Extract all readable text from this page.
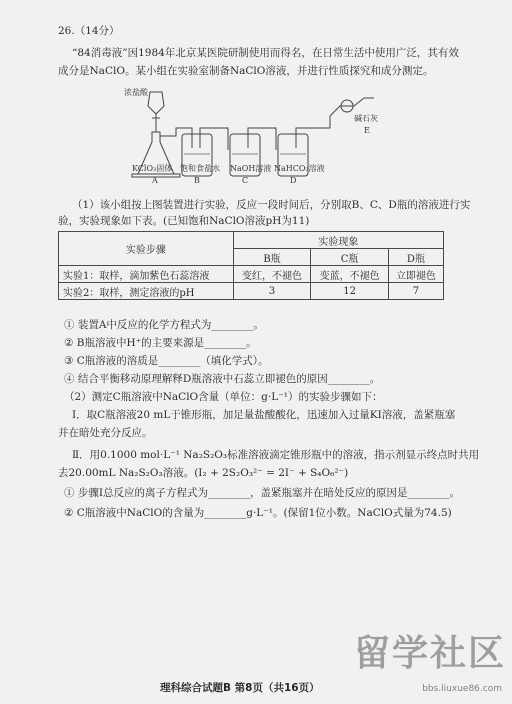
26.（14分）
“84消毒液”因1984年北京某医院研制使用而得名，在日常生活中使用广泛，其有效
成分是NaClO。某小组在实验室制备NaClO溶液，并进行性质探究和成分测定。
浓盐酸
KClO₃固体
A
饱和食盐水
B
NaOH溶液
C
NaHCO₃溶液
D
碱石灰
E
（1）该小组按上图装置进行实验，反应一段时间后，分别取B、C、D瓶的溶液进行实
验，实验现象如下表。(已知饱和NaClO溶液pH为11)
实验步骤	实验现象		
	B瓶	C瓶	D瓶
实验1：取样，滴加紫色石蕊溶液	变红，不褪色	变蓝，不褪色	立即褪色
实验2：取样，测定溶液的pH	3	12	7
① 装置A中反应的化学方程式为________。
② B瓶溶液中H⁺的主要来源是________。
③ C瓶溶液的溶质是________（填化学式）。
④ 结合平衡移动原理解释D瓶溶液中石蕊立即褪色的原因________。
（2）测定C瓶溶液中NaClO含量（单位：g·L⁻¹）的实验步骤如下：
Ⅰ．取C瓶溶液20 mL于锥形瓶，加足量盐酸酸化，迅速加入过量KI溶液，盖紧瓶塞
并在暗处充分反应。
Ⅱ．用0.1000 mol·L⁻¹ Na₂S₂O₃标准溶液滴定锥形瓶中的溶液，指示剂显示终点时共用
去20.00mL Na₂S₂O₃溶液。(I₂ + 2S₂O₃²⁻ = 2I⁻ + S₄O₆²⁻)
① 步骤Ⅰ总反应的离子方程式为________，盖紧瓶塞并在暗处反应的原因是________。
② C瓶溶液中NaClO的含量为________g·L⁻¹。(保留1位小数。NaClO式量为74.5)
留学社区
bbs.liuxue86.com
理科综合试题B 第8页（共16页）
